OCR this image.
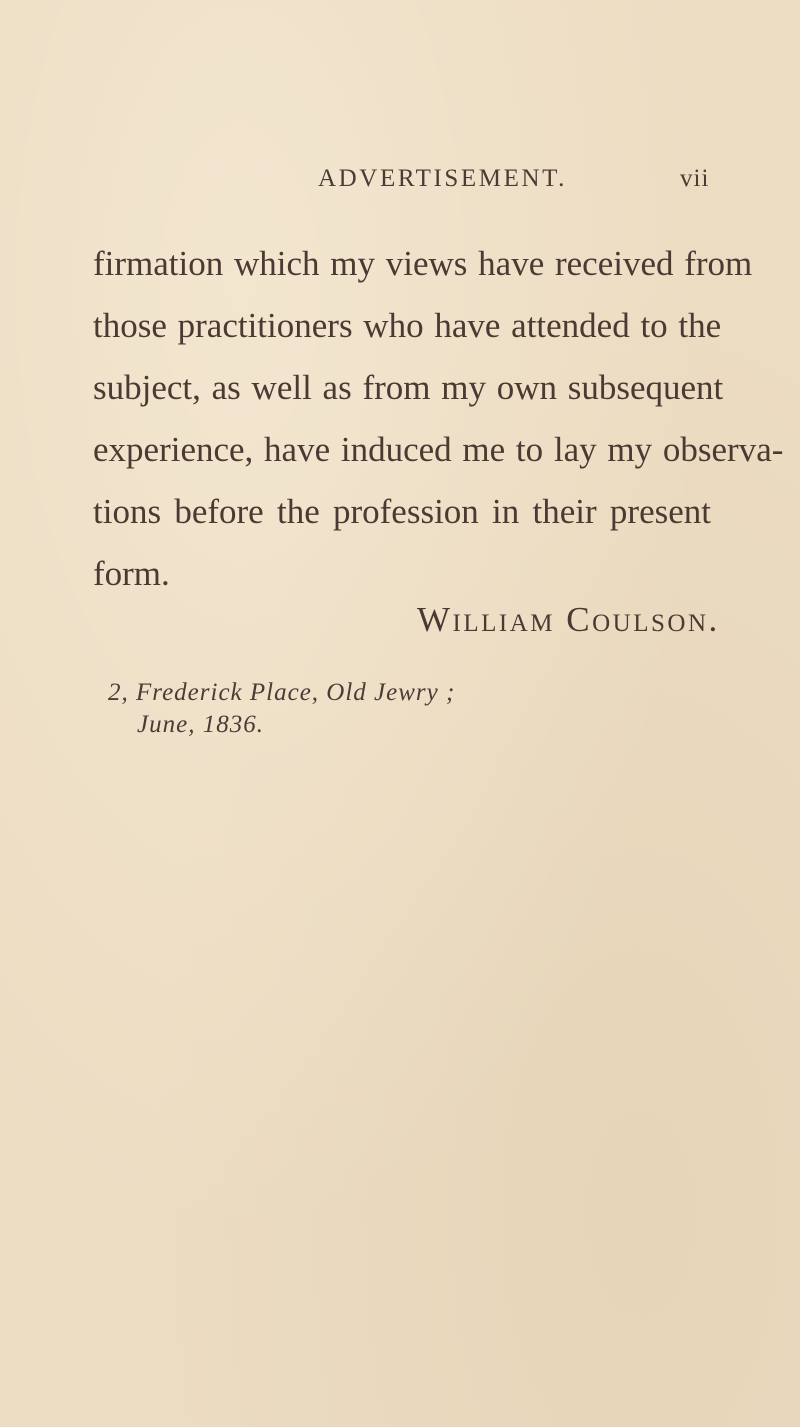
ADVERTISEMENT.	vii
firmation which my views have received from
those practitioners who have attended to the
subject, as well as from my own subsequent
experience, have induced me to lay my observa-
tions before the profession in their present
form.
William Coulson.
2, Frederick Place, Old Jewry ;
June, 1836.
